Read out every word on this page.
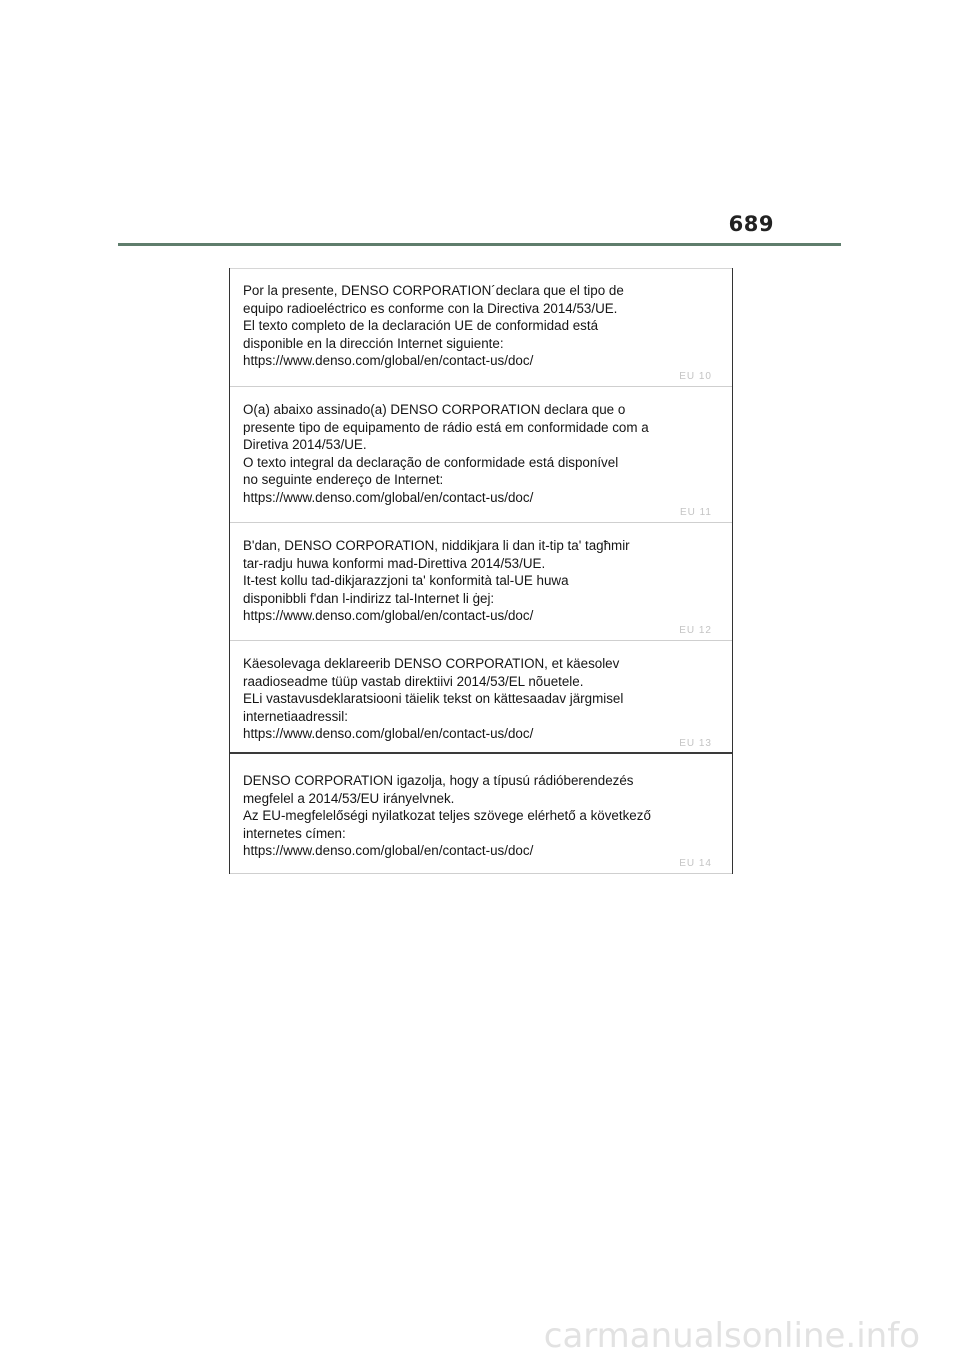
689
Por la presente, DENSO CORPORATION´declara que el tipo de
equipo radioeléctrico es conforme con la Directiva 2014/53/UE.
El texto completo de la declaración UE de conformidad está
disponible en la dirección Internet siguiente:
https://www.denso.com/global/en/contact-us/doc/
EU 10
O(a) abaixo assinado(a) DENSO CORPORATION declara que o
presente tipo de equipamento de rádio está em conformidade com a
Diretiva 2014/53/UE.
O texto integral da declaração de conformidade está disponível
no seguinte endereço de Internet:
https://www.denso.com/global/en/contact-us/doc/
EU 11
B'dan, DENSO CORPORATION, niddikjara li dan it-tip ta' tagħmir
tar-radju huwa konformi mad-Direttiva 2014/53/UE.
It-test kollu tad-dikjarazzjoni ta' konformità tal-UE huwa
disponibbli f'dan l-indirizz tal-Internet li ġej:
https://www.denso.com/global/en/contact-us/doc/
EU 12
Käesolevaga deklareerib DENSO CORPORATION, et käesolev
raadioseadme tüüp vastab direktiivi 2014/53/EL nõuetele.
ELi vastavusdeklaratsiooni täielik tekst on kättesaadav järgmisel
internetiaadressil:
https://www.denso.com/global/en/contact-us/doc/
EU 13
DENSO CORPORATION igazolja, hogy a típusú rádióberendezés
megfelel a 2014/53/EU irányelvnek.
Az EU-megfelelőségi nyilatkozat teljes szövege elérhető a következő
internetes címen:
https://www.denso.com/global/en/contact-us/doc/
EU 14
carmanualsonline.info
